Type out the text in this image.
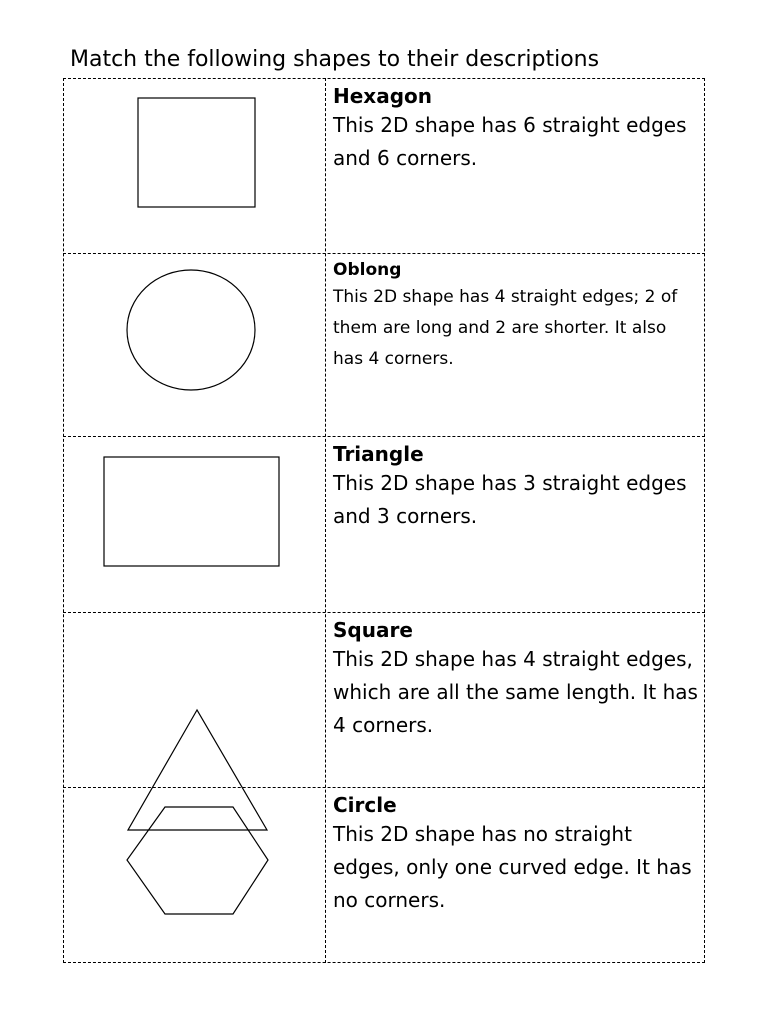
Match the following shapes to their descriptions
Hexagon
This 2D shape has 6 straight edges and 6 corners.
Oblong
This 2D shape has 4 straight edges; 2 of them are long and 2 are shorter. It also has 4 corners.
Triangle
This 2D shape has 3 straight edges and 3 corners.
Square
This 2D shape has 4 straight edges, which are all the same length. It has 4 corners.
Circle
This 2D shape has no straight edges, only one curved edge. It has no corners.
